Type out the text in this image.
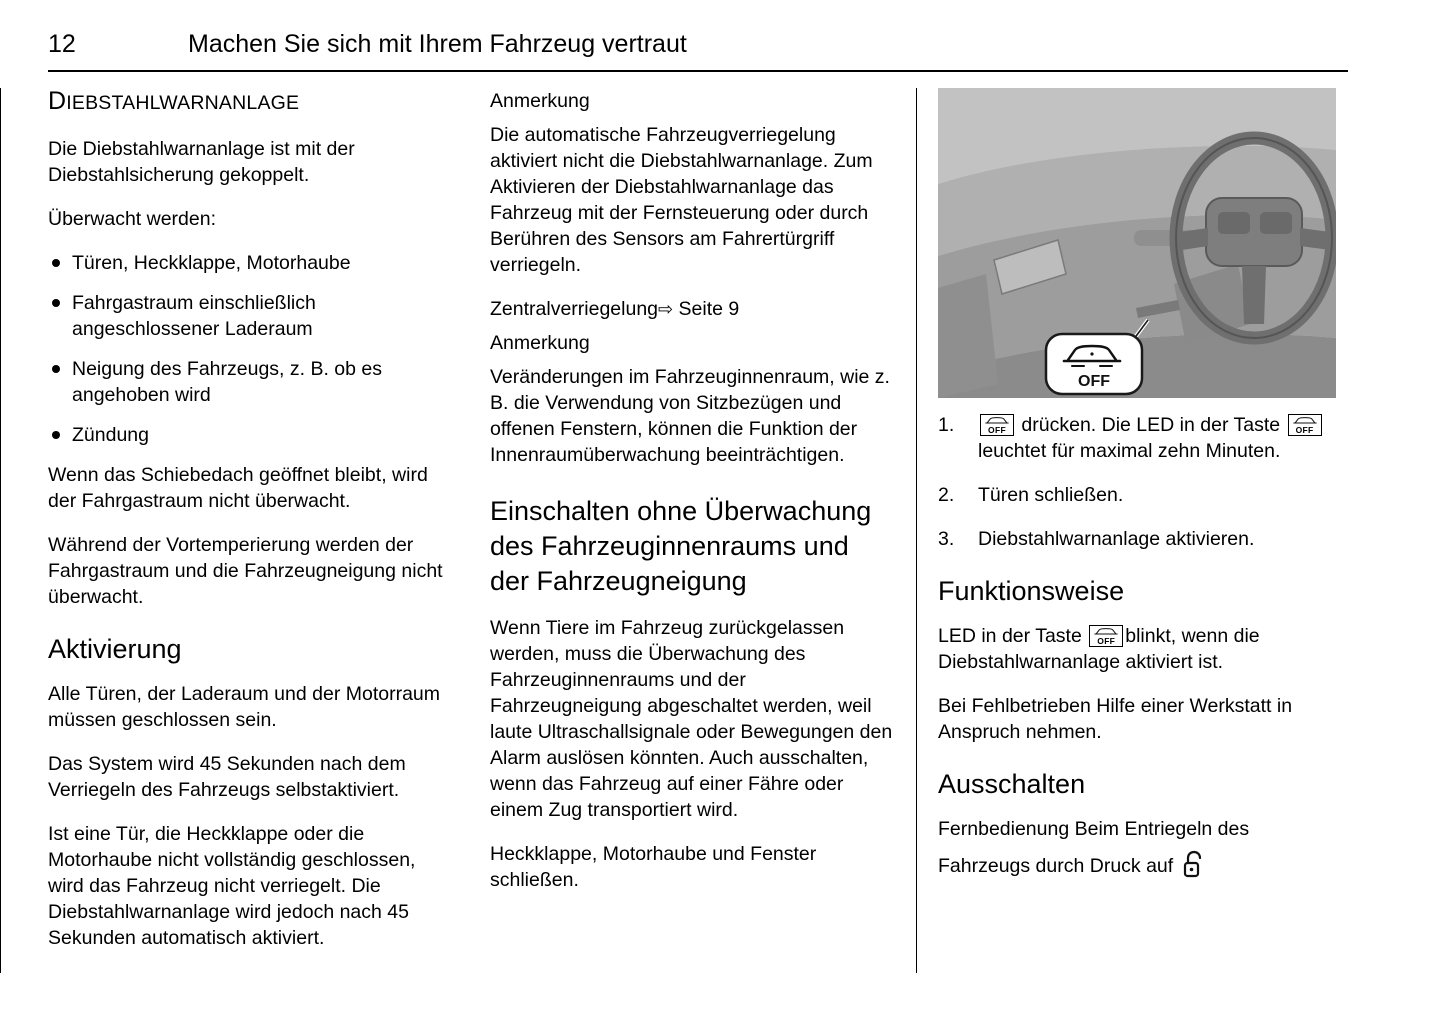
12	Machen Sie sich mit Ihrem Fahrzeug vertraut
DIEBSTAHLWARNANLAGE

Die Diebstahlwarnanlage ist mit der Diebstahlsicherung gekoppelt.

Überwacht werden:

Türen, Heckklappe, Motorhaube
Fahrgastraum einschließlich angeschlossener Laderaum
Neigung des Fahrzeugs, z. B. ob es angehoben wird
Zündung

Wenn das Schiebedach geöffnet bleibt, wird der Fahrgastraum nicht überwacht.

Während der Vortemperierung werden der Fahrgastraum und die Fahrzeugneigung nicht überwacht.

Aktivierung

Alle Türen, der Laderaum und der Motorraum müssen geschlossen sein.

Das System wird 45 Sekunden nach dem Verriegeln des Fahrzeugs selbstaktiviert.

Ist eine Tür, die Heckklappe oder die Motorhaube nicht vollständig geschlossen, wird das Fahrzeug nicht verriegelt. Die Diebstahlwarnanlage wird jedoch nach 45 Sekunden automatisch aktiviert.

Anmerkung

Die automatische Fahrzeugverriegelung aktiviert nicht die Diebstahlwarnanlage. Zum Aktivieren der Diebstahlwarnanlage das Fahrzeug mit der Fernsteuerung oder durch Berühren des Sensors am Fahrertürgriff verriegeln.

Zentralverriegelung⇨ Seite 9

Anmerkung

Veränderungen im Fahrzeuginnenraum, wie z. B. die Verwendung von Sitzbezügen und offenen Fenstern, können die Funktion der Innenraumüberwachung beeinträchtigen.

Einschalten ohne Überwachung des Fahrzeuginnenraums und der Fahrzeugneigung

Wenn Tiere im Fahrzeug zurückgelassen werden, muss die Überwachung des Fahrzeuginnenraums und der Fahrzeugneigung abgeschaltet werden, weil laute Ultraschallsignale oder Bewegungen den Alarm auslösen könnten. Auch ausschalten, wenn das Fahrzeug auf einer Fähre oder einem Zug transportiert wird.

Heckklappe, Motorhaube und Fenster schließen.

OFF
OFF drücken. Die LED in der Taste	OFF
leuchtet für maximal zehn Minuten.
Türen schließen.
Diebstahlwarnanlage aktivieren.
Funktionsweise

LED in der Taste	OFF blinkt, wenn die Diebstahlwarnanlage aktiviert ist.

Bei Fehlbetrieben Hilfe einer Werkstatt in Anspruch nehmen.

Ausschalten

Fernbedienung Beim Entriegeln des

Fahrzeugs durch Druck auf
